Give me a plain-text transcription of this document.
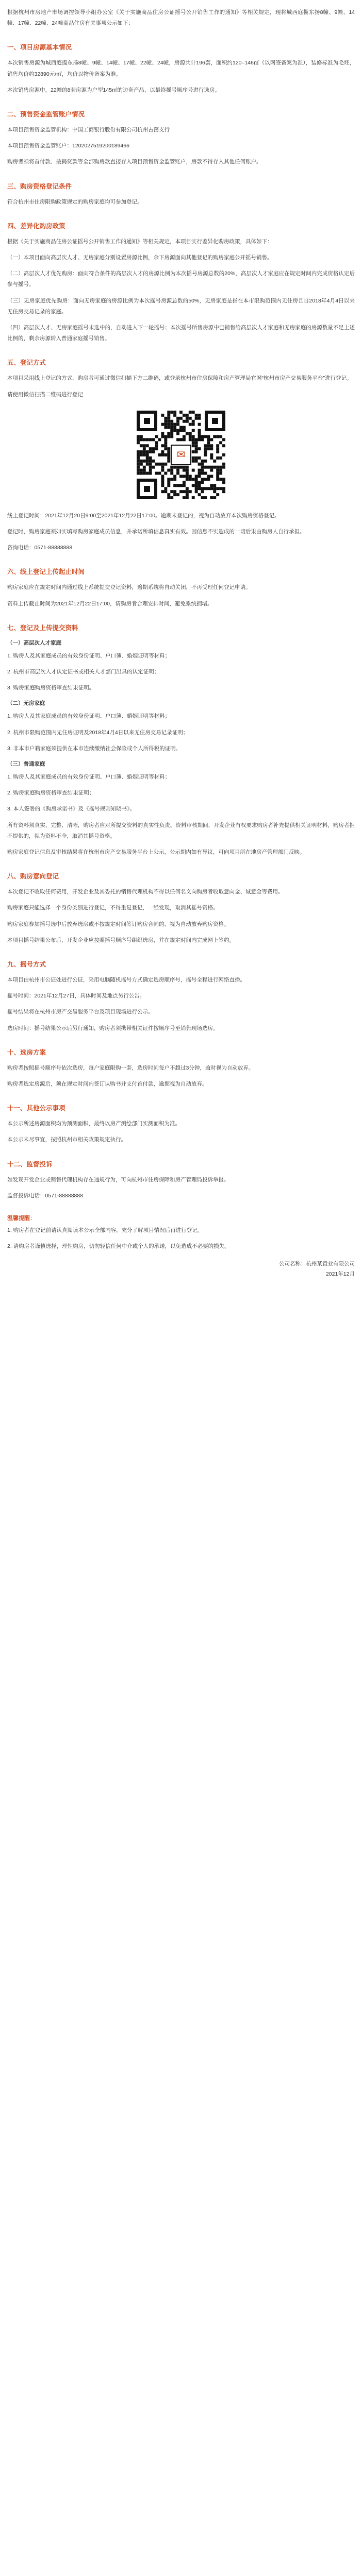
根据杭州市房地产市场调控领导小组办公室《关于实施商品住房公证摇号公开销售工作的通知》等相关规定，现将城西庭揽东扬8幢、9幢、14幢、17幢、22幢、24幢商品住房有关事项公示如下：

一、项目房源基本情况

本次销售房源为城西庭揽东扬8幢、9幢、14幢、17幢、22幢、24幢，房源共计196套，面积约120–146㎡（以网签备案为准），装修标准为毛坯，销售均价约32890元/㎡，均价以物价备案为准。

本次销售房源中，22幢的8套房源为户型145㎡的边套产品，以最终摇号顺序号进行选房。

二、预售资金监管账户情况

本项目预售资金监管机构：中国工商银行股份有限公司杭州古荡支行

本项目预售资金监管账户：1202027519200189466

购房者须将首付款、按揭贷款等全部购房款直接存入项目预售资金监管账户，房款不得存入其他任何账户。

三、购房资格登记条件

符合杭州市住房限购政策规定的购房家庭均可参加登记。

四、差异化购房政策

根据《关于实施商品住房公证摇号公开销售工作的通知》等相关规定，本项目实行差异化购房政策，具体如下：

（一）本项目面向高层次人才、无房家庭分别设置房源比例，余下房源面向其他登记的购房家庭公开摇号销售。

（二）高层次人才优先购房：面向符合条件的高层次人才的房源比例为本次摇号房源总数的20%，高层次人才家庭应在规定时间内完成资格认定后参与摇号。

（三）无房家庭优先购房：面向无房家庭的房源比例为本次摇号房源总数的50%，无房家庭是指在本市限购范围内无住房且自2018年4月4日以来无住房交易记录的家庭。

（四）高层次人才、无房家庭摇号未选中的，自动进入下一轮摇号；本次摇号所售房源中已销售给高层次人才家庭和无房家庭的房源数量不足上述比例的，剩余房源转入普通家庭摇号销售。

五、登记方式

本项目采用线上登记的方式，购房者可通过微信扫描下方二维码，或登录杭州市住房保障和房产管理局官网“杭州市房产交易服务平台”进行登记。

请使用微信扫描二维码进行登记

✉

线上登记时间：2021年12月20日9:00至2021年12月22日17:00。逾期未登记的，视为自动放弃本次购房资格登记。

登记时，购房家庭须如实填写购房家庭成员信息，并承诺所填信息真实有效。因信息不实造成的一切后果由购房人自行承担。

咨询电话：0571-88888888

六、线上登记上传起止时间

购房家庭应在规定时间内通过线上系统提交登记资料，逾期系统将自动关闭，不再受理任何登记申请。

资料上传截止时间为2021年12月22日17:00，请购房者合理安排时间，避免系统拥堵。

七、登记及上传提交资料
（一）高层次人才家庭

1. 购房人及其家庭成员的有效身份证明、户口簿、婚姻证明等材料；

2. 杭州市高层次人才认定证书或相关人才部门出具的认定证明；

3. 购房家庭购房资格审查结果证明。

（二）无房家庭

1. 购房人及其家庭成员的有效身份证明、户口簿、婚姻证明等材料；

2. 杭州市限购范围内无住房证明及2018年4月4日以来无住房交易记录证明；

3. 非本市户籍家庭须提供在本市连续缴纳社会保险或个人所得税的证明。

（三）普通家庭

1. 购房人及其家庭成员的有效身份证明、户口簿、婚姻证明等材料；

2. 购房家庭购房资格审查结果证明；

3. 本人签署的《购房承诺书》及《摇号规则知晓书》。

所有资料须真实、完整、清晰，购房者应对所提交资料的真实性负责。资料审核期间，开发企业有权要求购房者补充提供相关证明材料，购房者拒不提供的，视为资料不全，取消其摇号资格。

购房家庭登记信息及审核结果将在杭州市房产交易服务平台上公示，公示期内如有异议，可向项目所在地房产管理部门反映。

八、购房意向登记

本次登记不收取任何费用，开发企业及其委托的销售代理机构不得以任何名义向购房者收取意向金、诚意金等费用。

购房家庭只能选择一个身份类别进行登记，不得重复登记，一经发现，取消其摇号资格。

购房家庭参加摇号选中后放弃选房或不按规定时间签订购房合同的，视为自动放弃购房资格。

本项目摇号结果公布后，开发企业应按照摇号顺序号组织选房，并在规定时间内完成网上签约。

九、摇号方式

本项目由杭州市公证处进行公证，采用电脑随机摇号方式确定选房顺序号，摇号全程进行网络直播。

摇号时间：2021年12月27日，具体时间及地点另行公告。

摇号结果将在杭州市房产交易服务平台及项目现场进行公示。

选房时间：摇号结果公示后另行通知，购房者须携带相关证件按顺序号至销售现场选房。

十、选房方案

购房者按照摇号顺序号依次选房，每户家庭限购一套，选房时间每户不超过3分钟，逾时视为自动放弃。

购房者选定房源后，须在规定时间内签订认购书并支付首付款，逾期视为自动放弃。

十一、其他公示事项

本公示所述房源面积均为预测面积，最终以房产测绘部门实测面积为准。

本公示未尽事宜，按照杭州市相关政策规定执行。

十二、监督投诉

如发现开发企业或销售代理机构存在违规行为，可向杭州市住房保障和房产管理局投诉举报。

监督投诉电话：0571-88888888

温馨提醒：

1. 购房者在登记前请认真阅读本公示全部内容，充分了解项目情况后再进行登记。

2. 请购房者谨慎选择，理性购房，切勿轻信任何中介或个人的承诺，以免造成不必要的损失。

公司名称：杭州某置业有限公司
2021年12月
